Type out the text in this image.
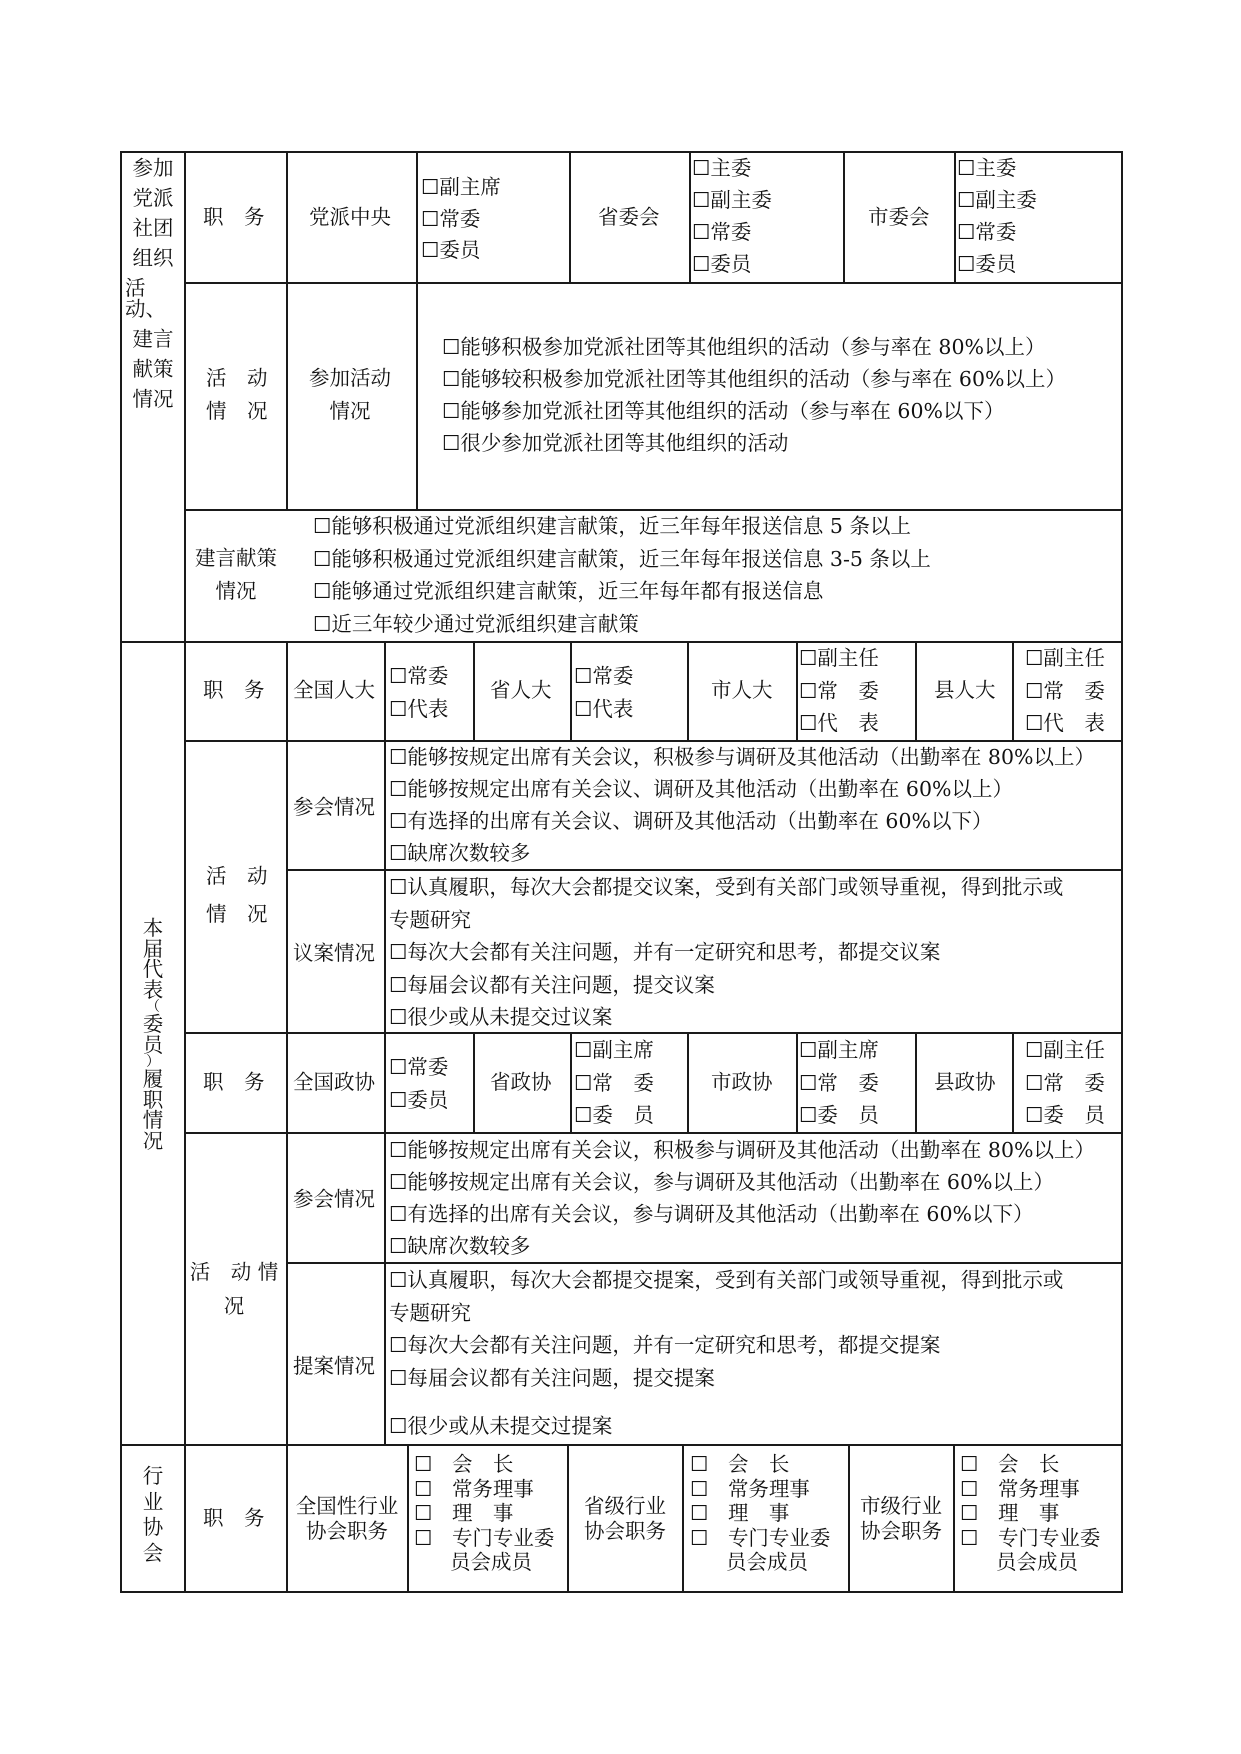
参加
党派
社团
组织
活动、
建言
献策
情况
职　务 党派中央
☐ 副主席
☐ 常委
☐ 委员
省委会
☐ 主委
☐ 副主委
☐ 常委
☐ 委员
市委会
☐ 主委
☐ 副主委
☐ 常委
☐ 委员
活　动
情　况
参加活动
情况
☐ 能够积极参加党派社团等其他组织的活动（参与率在 80%以上）
☐ 能够较积极参加党派社团等其他组织的活动（参与率在 60%以上）
☐ 能够参加党派社团等其他组织的活动（参与率在 60%以下）
☐ 很少参加党派社团等其他组织的活动
建言献策
情况
☐ 能够积极通过党派组织建言献策，近三年每年报送信息 5 条以上
☐ 能够积极通过党派组织建言献策，近三年每年报送信息 3-5 条以上
☐ 能够通过党派组织建言献策，近三年每年都有报送信息
☐ 近三年较少通过党派组织建言献策
本
届
代
表
（
委
员
）
履
职
情
况
职　务 全国人大
☐ 常委
☐ 代表
省人大
☐ 常委
☐ 代表
市人大
☐ 副主任
☐ 常　委
☐ 代　表
县人大
☐ 副主任
☐ 常　委
☐ 代　表
活　动
情　况
参会情况
☐ 能够按规定出席有关会议，积极参与调研及其他活动（出勤率在 80%以上）
☐ 能够按规定出席有关会议、调研及其他活动（出勤率在 60%以上）
☐ 有选择的出席有关会议、调研及其他活动（出勤率在 60%以下）
☐ 缺席次数较多
议案情况
☐ 认真履职，每次大会都提交议案，受到有关部门或领导重视，得到批示或
专题研究
☐ 每次大会都有关注问题，并有一定研究和思考，都提交议案
☐ 每届会议都有关注问题，提交议案
☐ 很少或从未提交过议案
职　务 全国政协
☐ 常委
☐ 委员
省政协
☐ 副主席
☐ 常　委
☐ 委　员
市政协
☐ 副主席
☐ 常　委
☐ 委　员
县政协
☐ 副主任
☐ 常　委
☐ 委　员
活　动 情
况
参会情况
☐ 能够按规定出席有关会议，积极参与调研及其他活动（出勤率在 80%以上）
☐ 能够按规定出席有关会议，参与调研及其他活动（出勤率在 60%以上）
☐ 有选择的出席有关会议，参与调研及其他活动（出勤率在 60%以下）
☐ 缺席次数较多
提案情况
☐ 认真履职，每次大会都提交提案，受到有关部门或领导重视，得到批示或
专题研究
☐ 每次大会都有关注问题，并有一定研究和思考，都提交提案
☐ 每届会议都有关注问题，提交提案
☐ 很少或从未提交过提案
行
业
协
会
职　务 全国性行业
协会职务
☐   会　长
☐   常务理事
☐   理　事
☐   专门专业委
员会成员
省级行业
协会职务
☐   会　长
☐   常务理事
☐   理　事
☐   专门专业委
员会成员
市级行业
协会职务
☐   会　长
☐   常务理事
☐   理　事
☐   专门专业委
员会成员
